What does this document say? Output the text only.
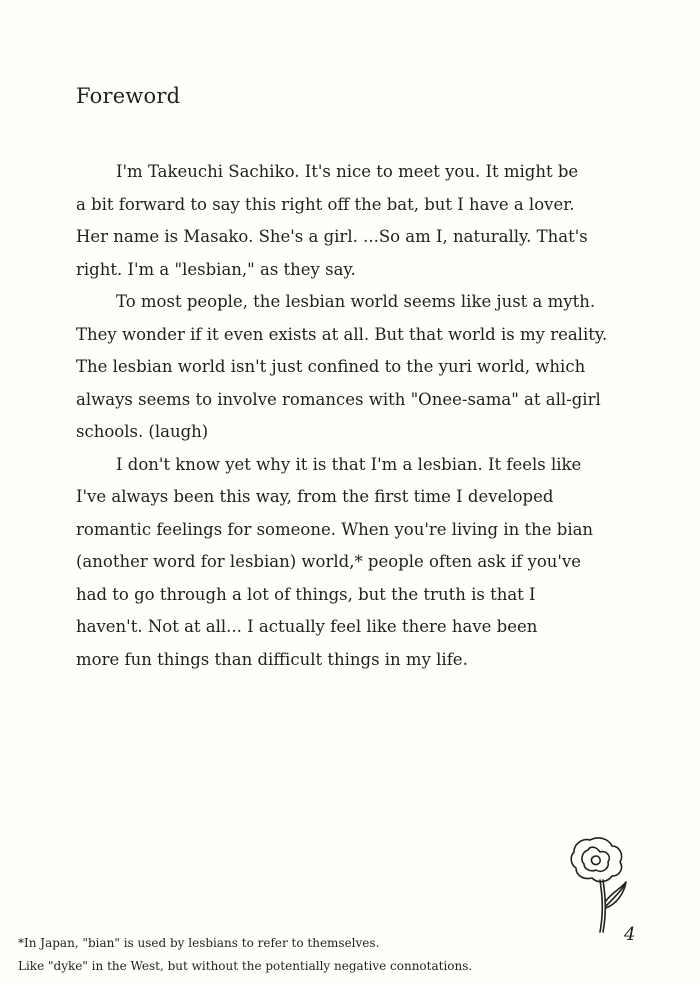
Foreword
I'm Takeuchi Sachiko. It's nice to meet you. It might be
a bit forward to say this right off the bat, but I have a lover.
Her name is Masako. She's a girl. ...So am I, naturally. That's
right. I'm a "lesbian," as they say.
To most people, the lesbian world seems like just a myth.
They wonder if it even exists at all. But that world is my reality.
The lesbian world isn't just confined to the yuri world, which
always seems to involve romances with "Onee-sama" at all-girl
schools. (laugh)
I don't know yet why it is that I'm a lesbian. It feels like
I've always been this way, from the first time I developed
romantic feelings for someone. When you're living in the bian
(another word for lesbian) world,* people often ask if you've
had to go through a lot of things, but the truth is that I
haven't. Not at all... I actually feel like there have been
more fun things than difficult things in my life.
4
*In Japan, "bian" is used by lesbians to refer to themselves.
Like "dyke" in the West, but without the potentially negative connotations.
